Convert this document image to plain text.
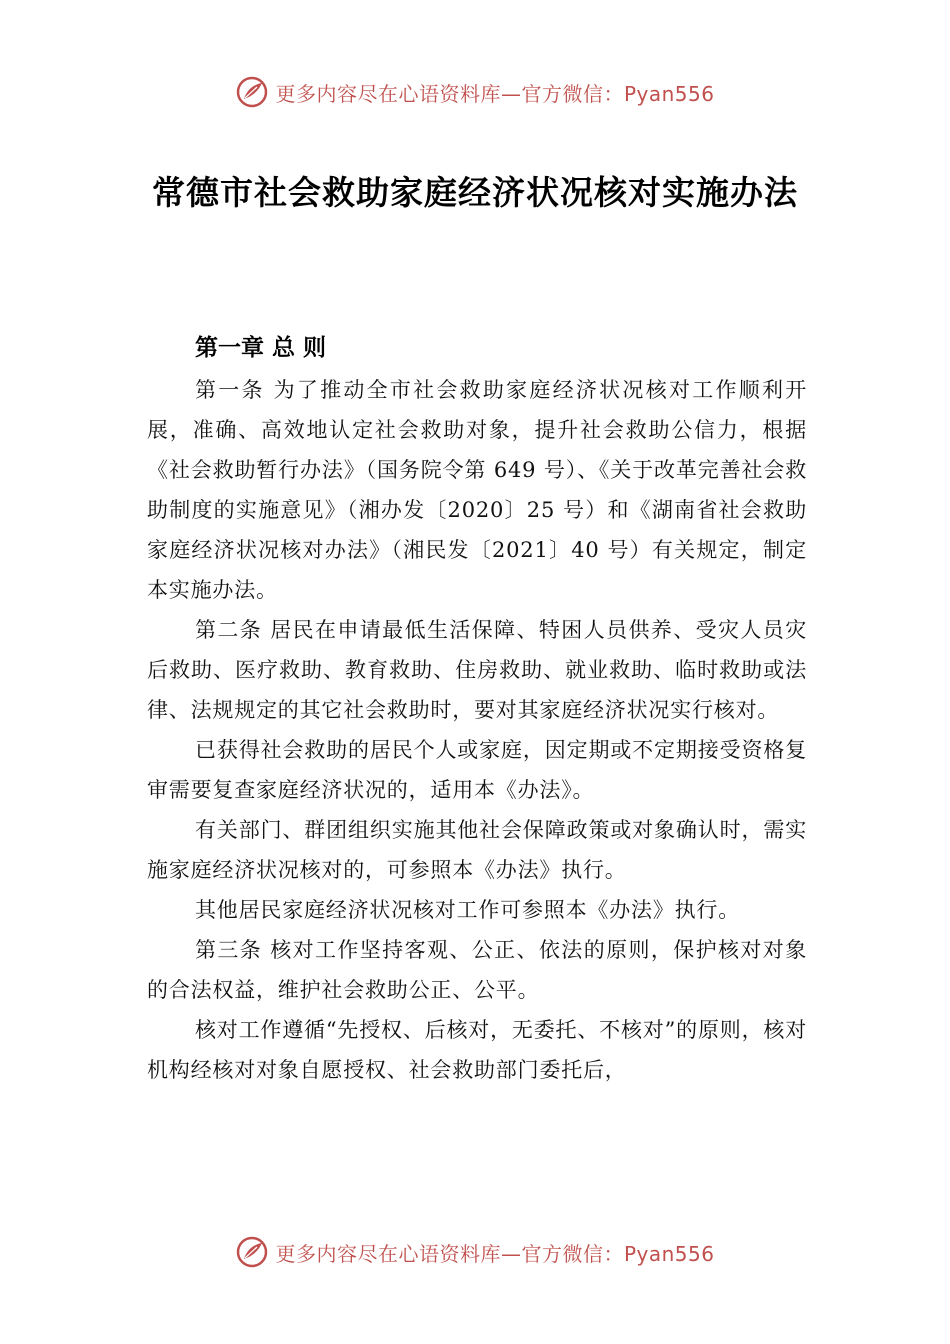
更多内容尽在心语资料库—官方微信：Pyan556
常德市社会救助家庭经济状况核对实施办法
第一章 总 则

第一条 为了推动全市社会救助家庭经济状况核对工作顺利开展，准确、高效地认定社会救助对象，提升社会救助公信力，根据《社会救助暂行办法》（国务院令第 649 号）、《关于改革完善社会救助制度的实施意见》（湘办发〔2020〕25 号）和《湖南省社会救助家庭经济状况核对办法》（湘民发〔2021〕40 号）有关规定，制定本实施办法。

第二条 居民在申请最低生活保障、特困人员供养、受灾人员灾后救助、医疗救助、教育救助、住房救助、就业救助、临时救助或法律、法规规定的其它社会救助时，要对其家庭经济状况实行核对。

已获得社会救助的居民个人或家庭，因定期或不定期接受资格复审需要复查家庭经济状况的，适用本《办法》。

有关部门、群团组织实施其他社会保障政策或对象确认时，需实施家庭经济状况核对的，可参照本《办法》执行。

其他居民家庭经济状况核对工作可参照本《办法》执行。

第三条 核对工作坚持客观、公正、依法的原则，保护核对对象的合法权益，维护社会救助公正、公平。

核对工作遵循“先授权、后核对，无委托、不核对”的原则，核对机构经核对对象自愿授权、社会救助部门委托后，

更多内容尽在心语资料库—官方微信：Pyan556
